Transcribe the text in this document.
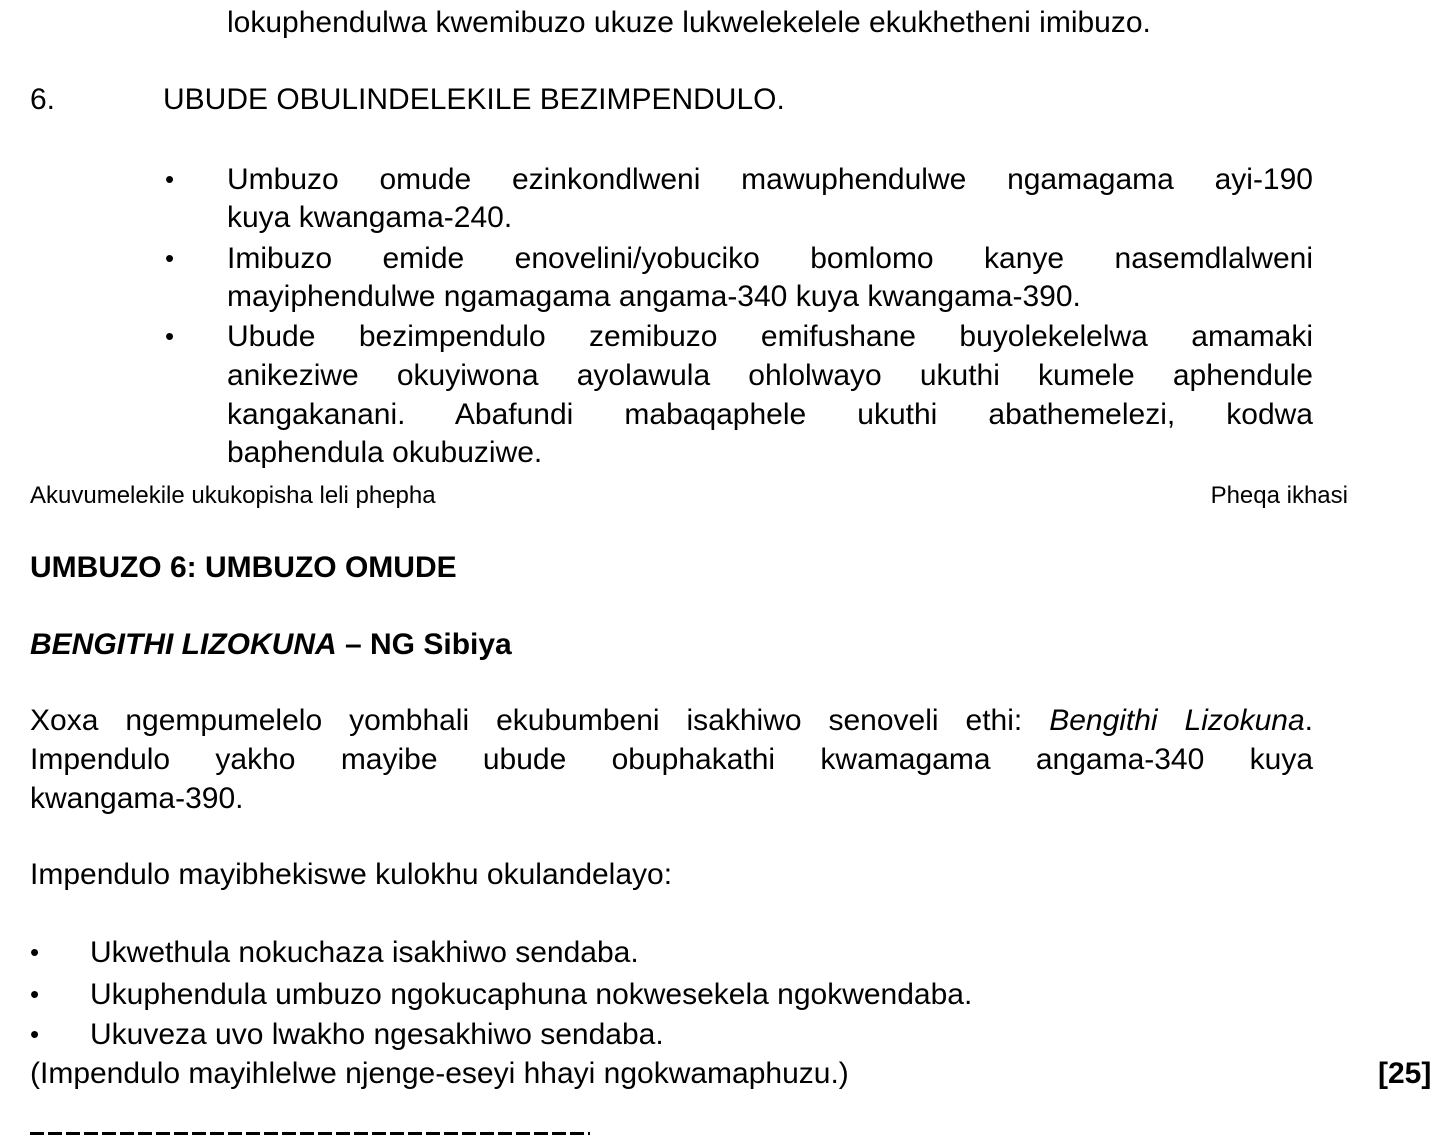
lokuphendulwa kwemibuzo ukuze lukwelekelele ekukhetheni imibuzo.
6.	UBUDE OBULINDELEKILE BEZIMPENDULO.
• Umbuzo omude ezinkondlweni mawuphendulwe ngamagama ayi-190
kuya kwangama-240.
• Imibuzo emide enovelini/yobuciko bomlomo kanye nasemdlalweni
mayiphendulwe ngamagama angama-340 kuya kwangama-390.
• Ubude bezimpendulo zemibuzo emifushane buyolekelelwa amamaki
anikeziwe okuyiwona ayolawula ohlolwayo ukuthi kumele aphendule
kangakanani. Abafundi mabaqaphele ukuthi abathemelezi, kodwa
baphendula okubuziwe.
Akuvumelekile ukukopisha leli phepha	Pheqa ikhasi
UMBUZO 6: UMBUZO OMUDE
BENGITHI LIZOKUNA – NG Sibiya
Xoxa ngempumelelo yombhali ekubumbeni isakhiwo senoveli ethi: Bengithi Lizokuna.
Impendulo yakho mayibe ubude obuphakathi kwamagama angama-340 kuya
kwangama-390.
Impendulo mayibhekiswe kulokhu okulandelayo:
• Ukwethula nokuchaza isakhiwo sendaba.
• Ukuphendula umbuzo ngokucaphuna nokwesekela ngokwendaba.
• Ukuveza uvo lwakho ngesakhiwo sendaba.
(Impendulo mayihlelwe njenge-eseyi hhayi ngokwamaphuzu.)	[25]
